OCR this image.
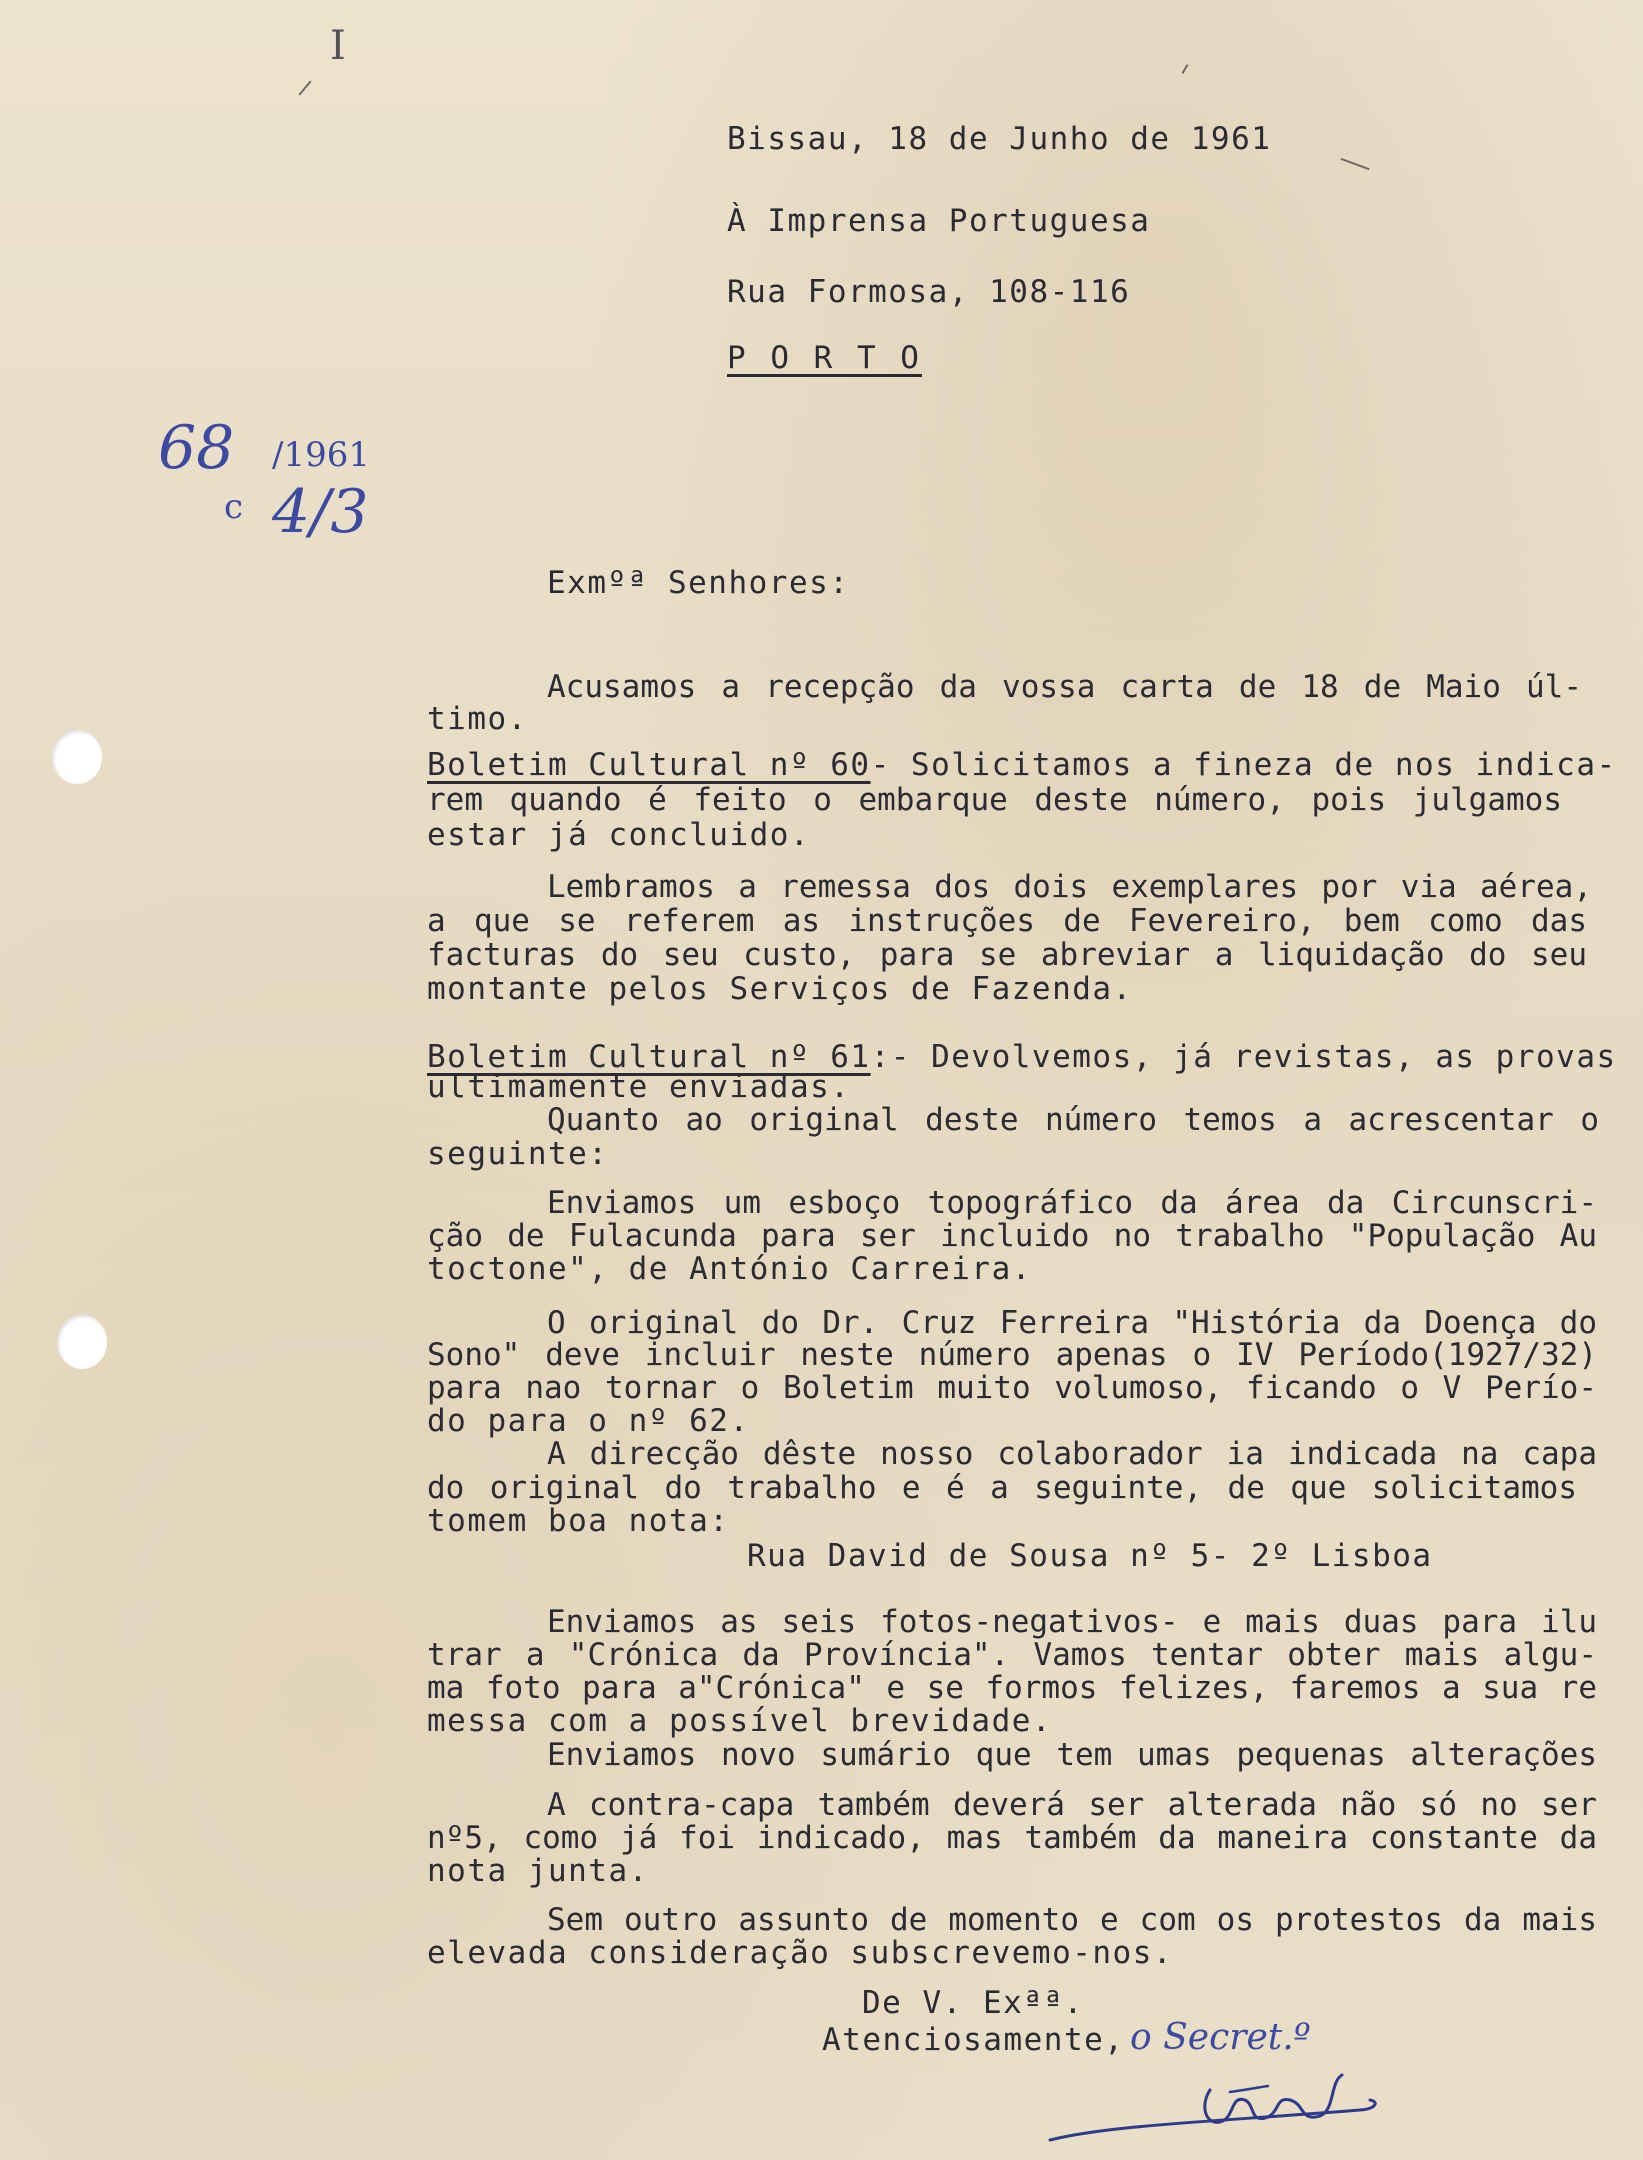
I
Bissau, 18 de Junho de 1961
À Imprensa Portuguesa
Rua Formosa, 108-116
P O R T O
68 /1961
c 4/3
Exmºª Senhores:
Acusamos a recepção da vossa carta de 18 de Maio úl-
timo.
Boletim Cultural nº 60- Solicitamos a fineza de nos indica-
rem quando é feito o embarque deste número, pois julgamos
estar já concluido.
Lembramos a remessa dos dois exemplares por via aérea,
a que se referem as instruções de Fevereiro, bem como das
facturas do seu custo, para se abreviar a liquidação do seu
montante pelos Serviços de Fazenda.
Boletim Cultural nº 61:- Devolvemos, já revistas, as provas
ultimamente enviadas.
Quanto ao original deste número temos a acrescentar o
seguinte:
Enviamos um esboço topográfico da área da Circunscri-
ção de Fulacunda para ser incluido no trabalho "População Au
toctone", de António Carreira.
O original do Dr. Cruz Ferreira "História da Doença do
Sono" deve incluir neste número apenas o IV Período(1927/32)
para nao tornar o Boletim muito volumoso, ficando o V Perío-
do para o nº 62.
A direcção dêste nosso colaborador ia indicada na capa
do original do trabalho e é a seguinte, de que solicitamos
tomem boa nota:
Rua David de Sousa nº 5- 2º Lisboa
Enviamos as seis fotos-negativos- e mais duas para ilu
trar a "Crónica da Província". Vamos tentar obter mais algu-
ma foto para a"Crónica" e se formos felizes, faremos a sua re
messa com a possível brevidade.
Enviamos novo sumário que tem umas pequenas alterações
A contra-capa também deverá ser alterada não só no ser
nº5, como já foi indicado, mas também da maneira constante da
nota junta.
Sem outro assunto de momento e com os protestos da mais
elevada consideração subscrevemo-nos.
De V. Exªª.
Atenciosamente, o Secret.º
